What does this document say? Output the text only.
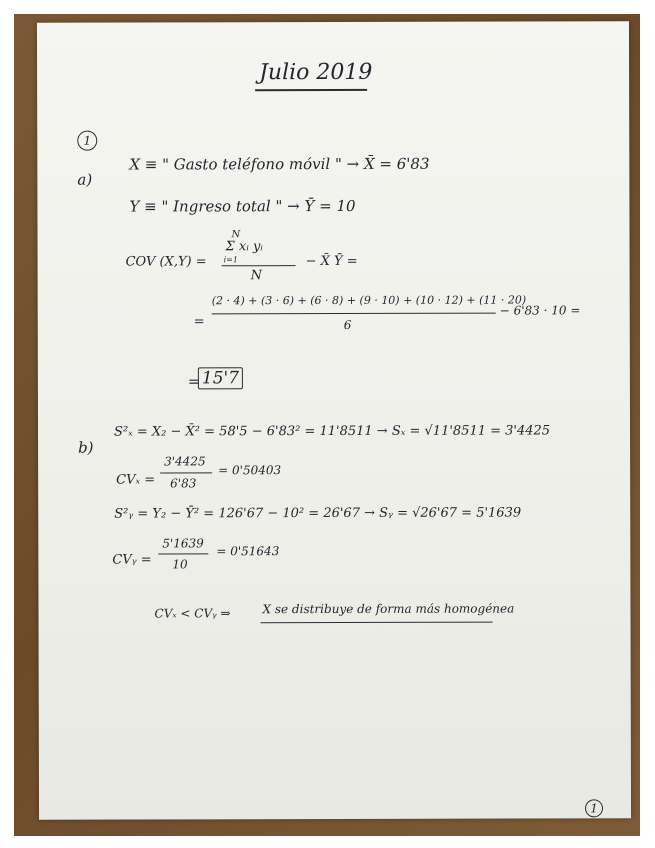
Julio 2019
1
a)
X ≡ " Gasto teléfono móvil " → X̄ = 6'83
Y ≡ " Ingreso total " → Ȳ = 10
COV (X,Y) =
N
Σ xᵢ yᵢ
i=1
N
− X̄ Ȳ =
=
(2 · 4) + (3 · 6) + (6 · 8) + (9 · 10) + (10 · 12) + (11 · 20)
6
− 6'83 · 10 =
= 15'7
b)
S²ₓ = X₂ − X̄² = 58'5 − 6'83² = 11'8511 → Sₓ = √11'8511 = 3'4425
CVₓ =
3'4425
6'83
= 0'50403
S²ᵧ = Y₂ − Ȳ² = 126'67 − 10² = 26'67 → Sᵧ = √26'67 = 5'1639
CVᵧ =
5'1639
10
= 0'51643
CVₓ < CVᵧ ⇒	X se distribuye de forma más homogénea
1
